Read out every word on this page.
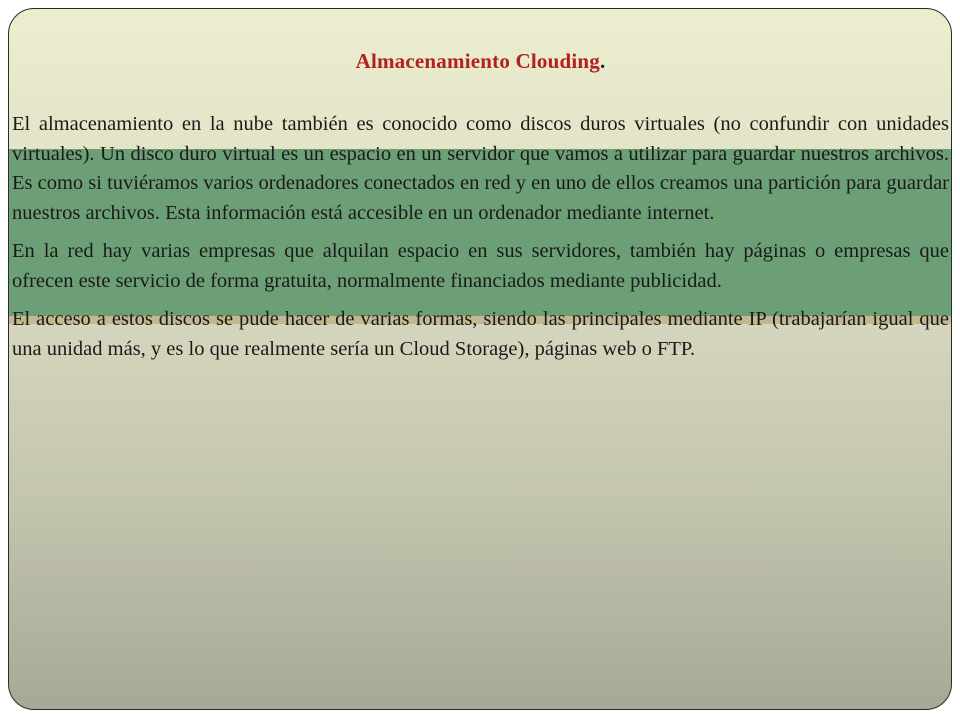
Almacenamiento Clouding.

El almacenamiento en la nube también es conocido como discos duros virtuales (no confundir con unidades virtuales). Un disco duro virtual es un espacio en un servidor que vamos a utilizar para guardar nuestros archivos. Es como si tuviéramos varios ordenadores conectados en red y en uno de ellos creamos una partición para guardar nuestros archivos. Esta información está accesible en un ordenador mediante internet.

En la red hay varias empresas que alquilan espacio en sus servidores, también hay páginas o empresas que ofrecen este servicio de forma gratuita, normalmente financiados mediante publicidad.

El acceso a estos discos se pude hacer de varias formas, siendo las principales mediante IP (trabajarían igual que una unidad más, y es lo que realmente sería un Cloud Storage), páginas web o FTP.
